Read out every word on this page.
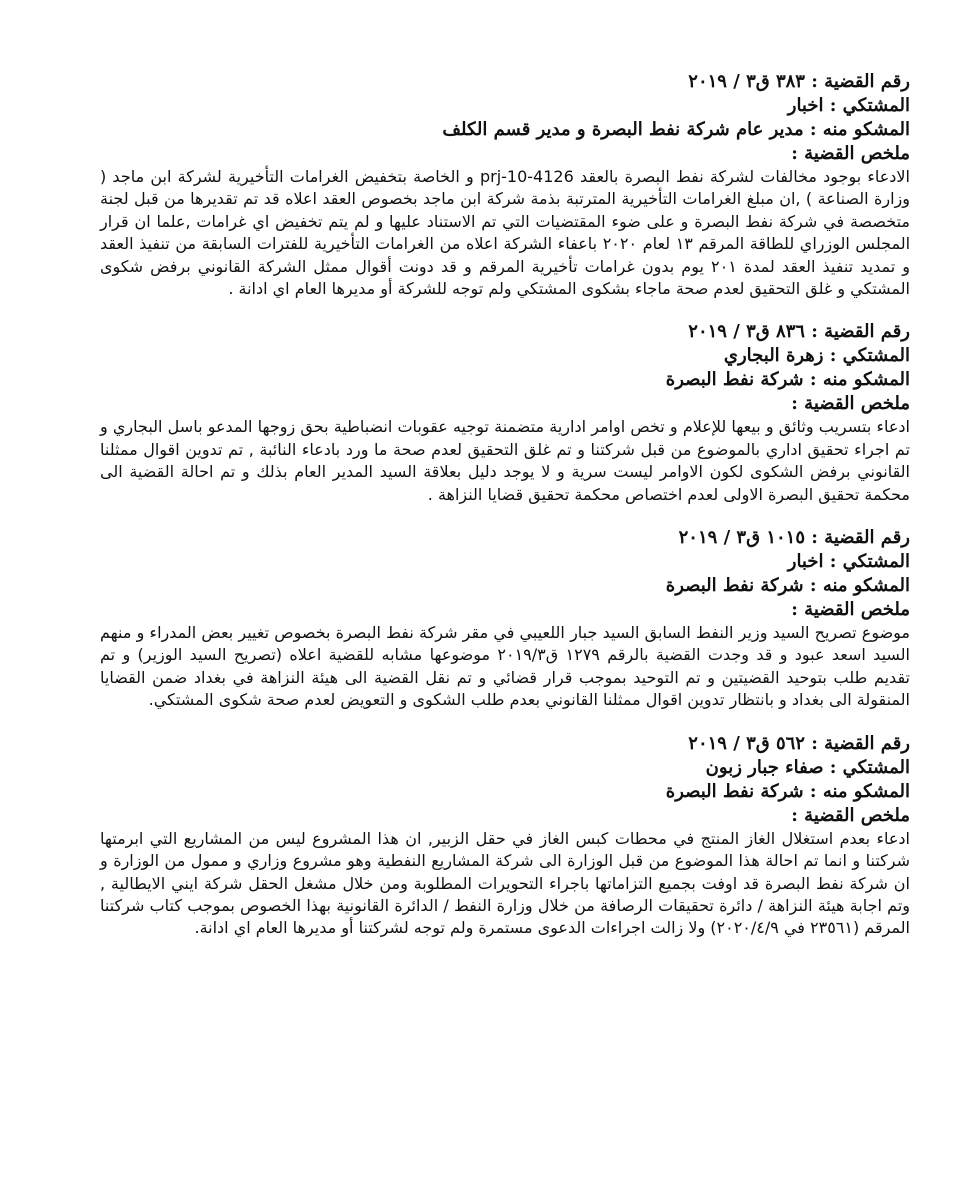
رقم القضية : ٣٨٣ ق٣ / ٢٠١٩
المشتكي : اخبار
المشكو منه : مدير عام شركة نفط البصرة و مدير قسم الكلف
ملخص القضية :

الادعاء بوجود مخالفات لشركة نفط البصرة بالعقد prj-10-4126 و الخاصة بتخفيض الغرامات التأخيرية لشركة ابن ماجد ( وزارة الصناعة ) ,ان مبلغ الغرامات التأخيرية المترتبة بذمة شركة ابن ماجد بخصوص العقد اعلاه قد تم تقديرها من قبل لجنة متخصصة في شركة نفط البصرة و على ضوء المقتضيات التي تم الاستناد عليها و لم يتم تخفيض اي غرامات ,علما ان قرار المجلس الوزراي للطاقة المرقم ١٣ لعام ٢٠٢٠ باعفاء الشركة اعلاه من الغرامات التأخيرية للفترات السابقة من تنفيذ العقد و تمديد تنفيذ العقد لمدة ٢٠١ يوم بدون غرامات تأخيرية المرقم و قد دونت أقوال ممثل الشركة القانوني برفض شكوى المشتكي و غلق التحقيق لعدم صحة ماجاء بشكوى المشتكي ولم توجه للشركة أو مديرها العام اي ادانة .

رقم القضية : ٨٣٦ ق٣ / ٢٠١٩
المشتكي : زهرة البجاري
المشكو منه : شركة نفط البصرة
ملخص القضية :

ادعاء بتسريب وثائق و بيعها للإعلام و تخص اوامر ادارية متضمنة توجيه عقوبات انضباطية بحق زوجها المدعو باسل البجاري و تم اجراء تحقيق اداري بالموضوع من قبل شركتنا و تم غلق التحقيق لعدم صحة ما ورد بادعاء النائبة , تم تدوين اقوال ممثلنا القانوني برفض الشكوى لكون الاوامر ليست سرية و لا يوجد دليل بعلاقة السيد المدير العام بذلك و تم احالة القضية الى محكمة تحقيق البصرة الاولى لعدم اختصاص محكمة تحقيق قضايا النزاهة .

رقم القضية : ١٠١٥ ق٣ / ٢٠١٩
المشتكي : اخبار
المشكو منه : شركة نفط البصرة
ملخص القضية :

موضوع تصريح السيد وزير النفط السابق السيد جبار اللعيبي في مقر شركة نفط البصرة بخصوص تغيير بعض المدراء و منهم السيد اسعد عبود و قد وجدت القضية بالرقم ١٢٧٩ ق٢٠١٩/٣ موضوعها مشابه للقضية اعلاه (تصريح السيد الوزير) و تم تقديم طلب بتوحيد القضيتين و تم التوحيد بموجب قرار قضائي و تم نقل القضية الى هيئة النزاهة في بغداد ضمن القضايا المنقولة الى بغداد و بانتظار تدوين اقوال ممثلنا القانوني بعدم طلب الشكوى و التعويض لعدم صحة شكوى المشتكي.

رقم القضية : ٥٦٢ ق٣ / ٢٠١٩
المشتكي : صفاء جبار زبون
المشكو منه : شركة نفط البصرة
ملخص القضية :

ادعاء بعدم استغلال الغاز المنتج في محطات كبس الغاز في حقل الزبير, ان هذا المشروع ليس من المشاريع التي ابرمتها شركتنا و انما تم احالة هذا الموضوع من قبل الوزارة الى شركة المشاريع النفطية وهو مشروع وزاري و ممول من الوزارة و ان شركة نفط البصرة قد اوفت بجميع التزاماتها باجراء التحويرات المطلوبة ومن خلال مشغل الحقل شركة ايني الايطالية , وتم اجابة هيئة النزاهة / دائرة تحقيقات الرصافة من خلال وزارة النفط / الدائرة القانونية بهذا الخصوص بموجب كتاب شركتنا المرقم (٢٣٥٦١ في ٢٠٢٠/٤/٩) ولا زالت اجراءات الدعوى مستمرة ولم توجه لشركتنا أو مديرها العام اي ادانة.
